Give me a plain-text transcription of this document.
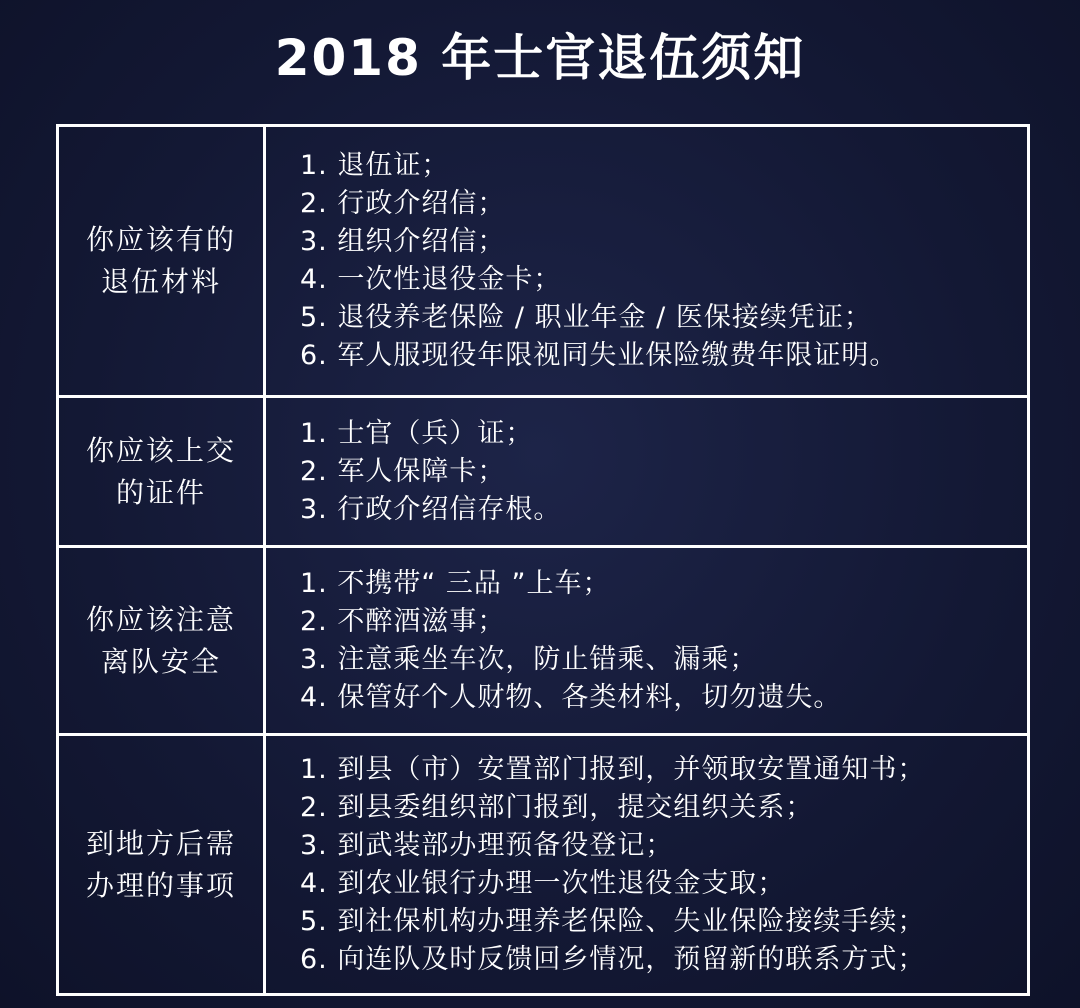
2018 年士官退伍须知
你应该有的
退伍材料
1. 退伍证；
2. 行政介绍信；
3. 组织介绍信；
4. 一次性退役金卡；
5. 退役养老保险 / 职业年金 / 医保接续凭证；
6. 军人服现役年限视同失业保险缴费年限证明。
你应该上交
的证件
1. 士官（兵）证；
2. 军人保障卡；
3. 行政介绍信存根。
你应该注意
离队安全
1. 不携带“ 三品 ”上车；
2. 不醉酒滋事；
3. 注意乘坐车次，防止错乘、漏乘；
4. 保管好个人财物、各类材料，切勿遗失。
到地方后需
办理的事项
1. 到县（市）安置部门报到，并领取安置通知书；
2. 到县委组织部门报到，提交组织关系；
3. 到武装部办理预备役登记；
4. 到农业银行办理一次性退役金支取；
5. 到社保机构办理养老保险、失业保险接续手续；
6. 向连队及时反馈回乡情况，预留新的联系方式；
